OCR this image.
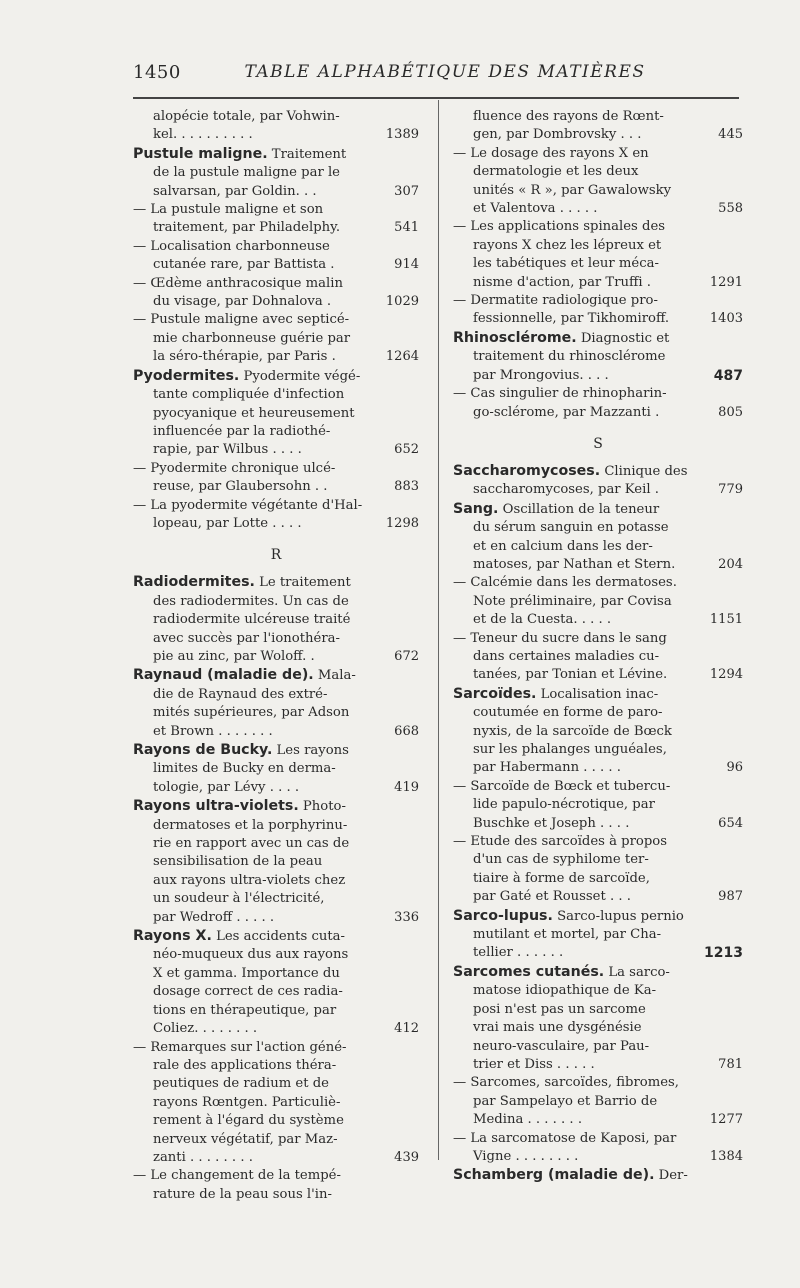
1450	TABLE ALPHABÉTIQUE DES MATIÈRES
alopécie totale, par Vohwin-
kel. . . . . . . . . .	1389
Pustule maligne. Traitement
de la pustule maligne par le
salvarsan, par Goldin. . .	307
— La pustule maligne et son
traitement, par Philadelphy.	541
— Localisation charbonneuse
cutanée rare, par Battista .	914
— Œdème anthracosique malin
du visage, par Dohnalova .	1029
— Pustule maligne avec septicé-
mie charbonneuse guérie par
la séro-thérapie, par Paris .	1264
Pyodermites. Pyodermite végé-
tante compliquée d'infection
pyocyanique et heureusement
influencée par la radiothé-
rapie, par Wilbus . . . .	652
— Pyodermite chronique ulcé-
reuse, par Glaubersohn . .	883
— La pyodermite végétante d'Hal-
lopeau, par Lotte . . . .	1298
R
Radiodermites. Le traitement
des radiodermites. Un cas de
radiodermite ulcéreuse traité
avec succès par l'ionothéra-
pie au zinc, par Woloff. .	672
Raynaud (maladie de). Mala-
die de Raynaud des extré-
mités supérieures, par Adson
et Brown . . . . . . .	668
Rayons de Bucky. Les rayons
limites de Bucky en derma-
tologie, par Lévy . . . .	419
Rayons ultra-violets. Photo-
dermatoses et la porphyrinu-
rie en rapport avec un cas de
sensibilisation de la peau
aux rayons ultra-violets chez
un soudeur à l'électricité,
par Wedroff . . . . .	336
Rayons X. Les accidents cuta-
néo-muqueux dus aux rayons
X et gamma. Importance du
dosage correct de ces radia-
tions en thérapeutique, par
Coliez. . . . . . . .	412
— Remarques sur l'action géné-
rale des applications théra-
peutiques de radium et de
rayons Rœntgen. Particuliè-
rement à l'égard du système
nerveux végétatif, par Maz-
zanti . . . . . . . .	439
— Le changement de la tempé-
rature de la peau sous l'in-
fluence des rayons de Rœnt-
gen, par Dombrovsky . . .	445
— Le dosage des rayons X en
dermatologie et les deux
unités « R », par Gawalowsky
et Valentova . . . . .	558
— Les applications spinales des
rayons X chez les lépreux et
les tabétiques et leur méca-
nisme d'action, par Truffi .	1291
— Dermatite radiologique pro-
fessionnelle, par Tikhomiroff.	1403
Rhinosclérome. Diagnostic et
traitement du rhinosclérome
par Mrongovius. . . .	487
— Cas singulier de rhinopharin-
go-sclérome, par Mazzanti .	805
S
Saccharomycoses. Clinique des
saccharomycoses, par Keil .	779
Sang. Oscillation de la teneur
du sérum sanguin en potasse
et en calcium dans les der-
matoses, par Nathan et Stern.	204
— Calcémie dans les dermatoses.
Note préliminaire, par Covisa
et de la Cuesta. . . . .	1151
— Teneur du sucre dans le sang
dans certaines maladies cu-
tanées, par Tonian et Lévine.	1294
Sarcoïdes. Localisation inac-
coutumée en forme de paro-
nyxis, de la sarcoïde de Bœck
sur les phalanges unguéales,
par Habermann . . . . .	96
— Sarcoïde de Bœck et tubercu-
lide papulo-nécrotique, par
Buschke et Joseph . . . .	654
— Etude des sarcoïdes à propos
d'un cas de syphilome ter-
tiaire à forme de sarcoïde,
par Gaté et Rousset . . .	987
Sarco-lupus. Sarco-lupus pernio
mutilant et mortel, par Cha-
tellier . . . . . .	1213
Sarcomes cutanés. La sarco-
matose idiopathique de Ka-
posi n'est pas un sarcome
vrai mais une dysgénésie
neuro-vasculaire, par Pau-
trier et Diss . . . . .	781
— Sarcomes, sarcoïdes, fibromes,
par Sampelayo et Barrio de
Medina . . . . . . .	1277
— La sarcomatose de Kaposi, par
Vigne . . . . . . . .	1384
Schamberg (maladie de). Der-
